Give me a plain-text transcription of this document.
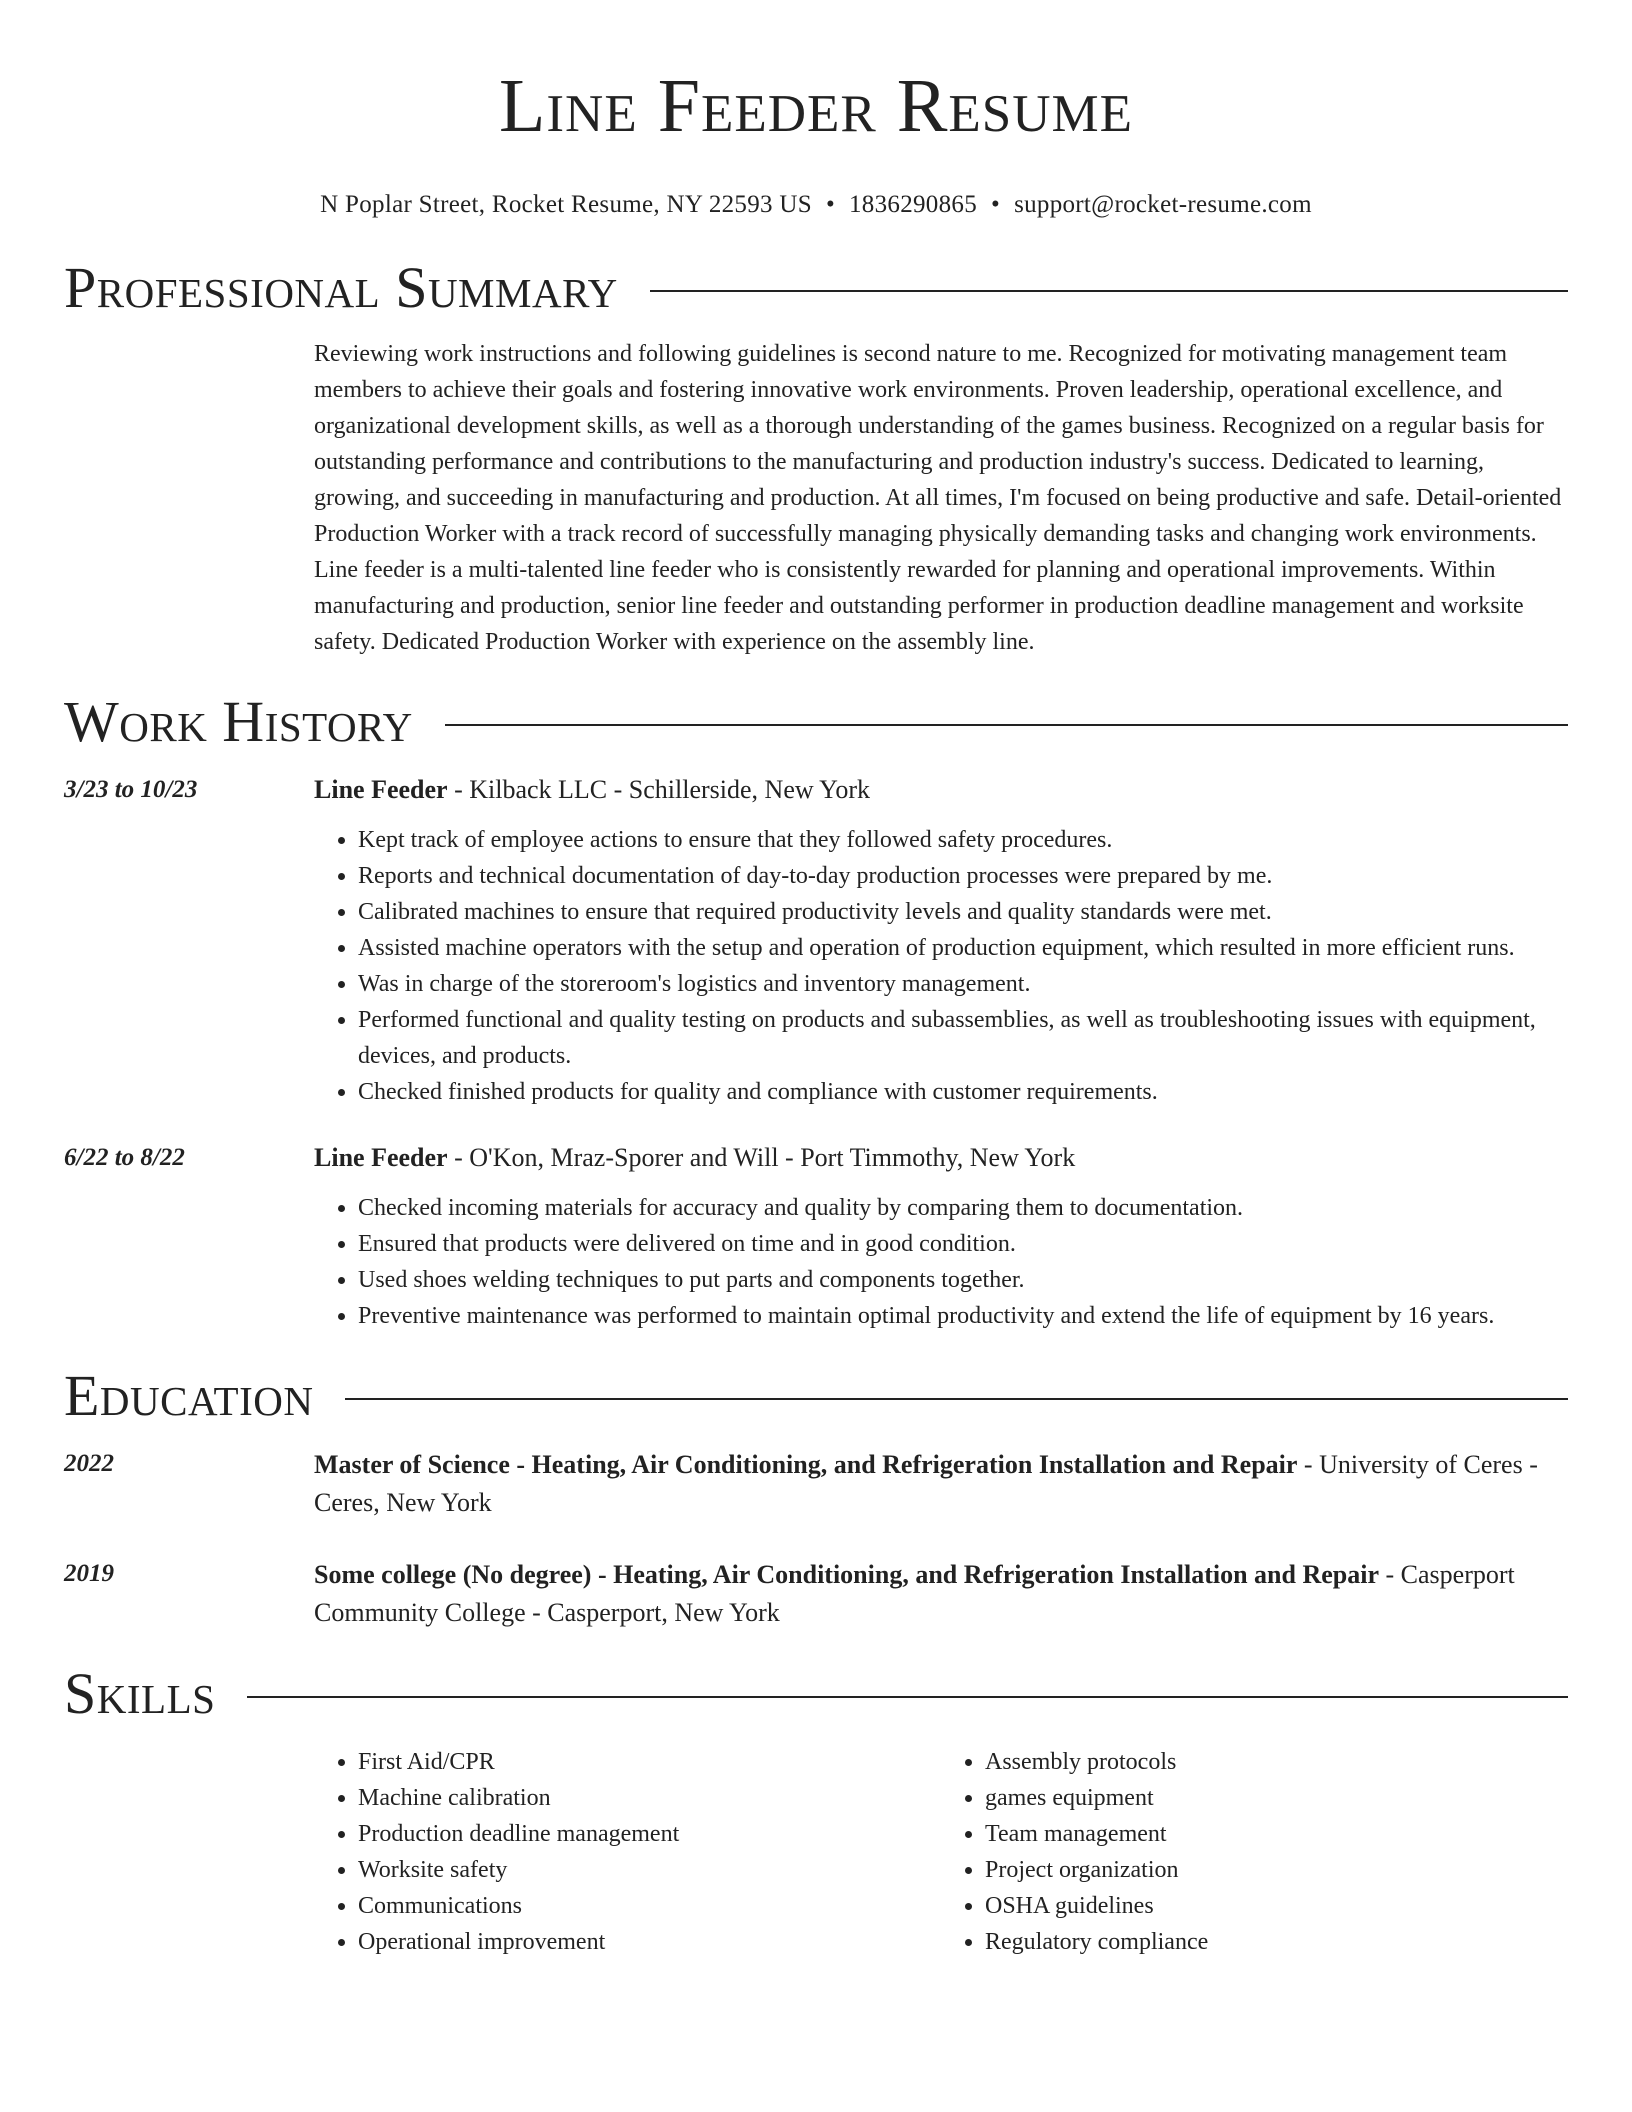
Line Feeder Resume
N Poplar Street, Rocket Resume, NY 22593 US • 1836290865 • support@rocket-resume.com
Professional Summary
Reviewing work instructions and following guidelines is second nature to me. Recognized for motivating management team members to achieve their goals and fostering innovative work environments. Proven leadership, operational excellence, and organizational development skills, as well as a thorough understanding of the games business. Recognized on a regular basis for outstanding performance and contributions to the manufacturing and production industry's success. Dedicated to learning, growing, and succeeding in manufacturing and production. At all times, I'm focused on being productive and safe. Detail-oriented Production Worker with a track record of successfully managing physically demanding tasks and changing work environments. Line feeder is a multi-talented line feeder who is consistently rewarded for planning and operational improvements. Within manufacturing and production, senior line feeder and outstanding performer in production deadline management and worksite safety. Dedicated Production Worker with experience on the assembly line.
Work History
3/23 to 10/23	Line Feeder - Kilback LLC - Schillerside, New York
• Kept track of employee actions to ensure that they followed safety procedures.
• Reports and technical documentation of day-to-day production processes were prepared by me.
• Calibrated machines to ensure that required productivity levels and quality standards were met.
• Assisted machine operators with the setup and operation of production equipment, which resulted in more efficient runs.
• Was in charge of the storeroom's logistics and inventory management.
• Performed functional and quality testing on products and subassemblies, as well as troubleshooting issues with equipment, devices, and products.
• Checked finished products for quality and compliance with customer requirements.
6/22 to 8/22	Line Feeder - O'Kon, Mraz-Sporer and Will - Port Timmothy, New York
• Checked incoming materials for accuracy and quality by comparing them to documentation.
• Ensured that products were delivered on time and in good condition.
• Used shoes welding techniques to put parts and components together.
• Preventive maintenance was performed to maintain optimal productivity and extend the life of equipment by 16 years.
Education
2022	Master of Science - Heating, Air Conditioning, and Refrigeration Installation and Repair - University of Ceres - Ceres, New York
2019	Some college (No degree) - Heating, Air Conditioning, and Refrigeration Installation and Repair - Casperport Community College - Casperport, New York
Skills
• First Aid/CPR
• Machine calibration
• Production deadline management
• Worksite safety
• Communications
• Operational improvement
• Assembly protocols
• games equipment
• Team management
• Project organization
• OSHA guidelines
• Regulatory compliance
